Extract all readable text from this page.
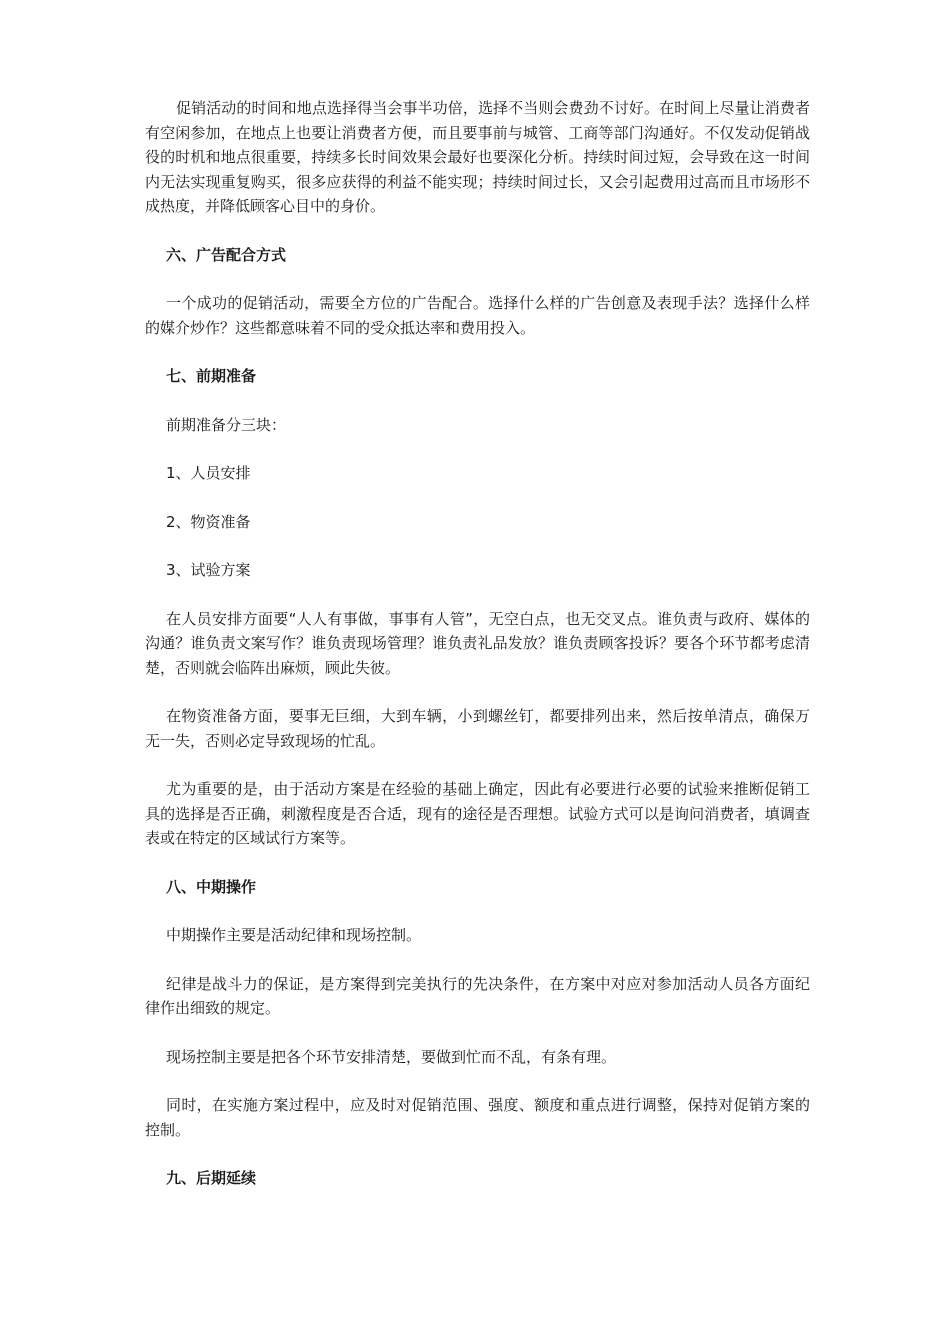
促销活动的时间和地点选择得当会事半功倍，选择不当则会费劲不讨好。在时间上尽量让消费者有空闲参加，在地点上也要让消费者方便，而且要事前与城管、工商等部门沟通好。不仅发动促销战役的时机和地点很重要，持续多长时间效果会最好也要深化分析。持续时间过短，会导致在这一时间内无法实现重复购买，很多应获得的利益不能实现；持续时间过长，又会引起费用过高而且市场形不成热度，并降低顾客心目中的身价。

六、广告配合方式

一个成功的促销活动，需要全方位的广告配合。选择什么样的广告创意及表现手法？选择什么样的媒介炒作？这些都意味着不同的受众抵达率和费用投入。

七、前期准备

前期准备分三块：

1、人员安排

2、物资准备

3、试验方案

在人员安排方面要“人人有事做，事事有人管”，无空白点，也无交叉点。谁负责与政府、媒体的沟通？谁负责文案写作？谁负责现场管理？谁负责礼品发放？谁负责顾客投诉？要各个环节都考虑清楚，否则就会临阵出麻烦，顾此失彼。

在物资准备方面，要事无巨细，大到车辆，小到螺丝钉，都要排列出来，然后按单清点，确保万无一失，否则必定导致现场的忙乱。

尤为重要的是，由于活动方案是在经验的基础上确定，因此有必要进行必要的试验来推断促销工具的选择是否正确，刺激程度是否合适，现有的途径是否理想。试验方式可以是询问消费者，填调查表或在特定的区域试行方案等。

八、中期操作

中期操作主要是活动纪律和现场控制。

纪律是战斗力的保证，是方案得到完美执行的先决条件，在方案中对应对参加活动人员各方面纪律作出细致的规定。

现场控制主要是把各个环节安排清楚，要做到忙而不乱，有条有理。

同时，在实施方案过程中，应及时对促销范围、强度、额度和重点进行调整，保持对促销方案的控制。

九、后期延续
